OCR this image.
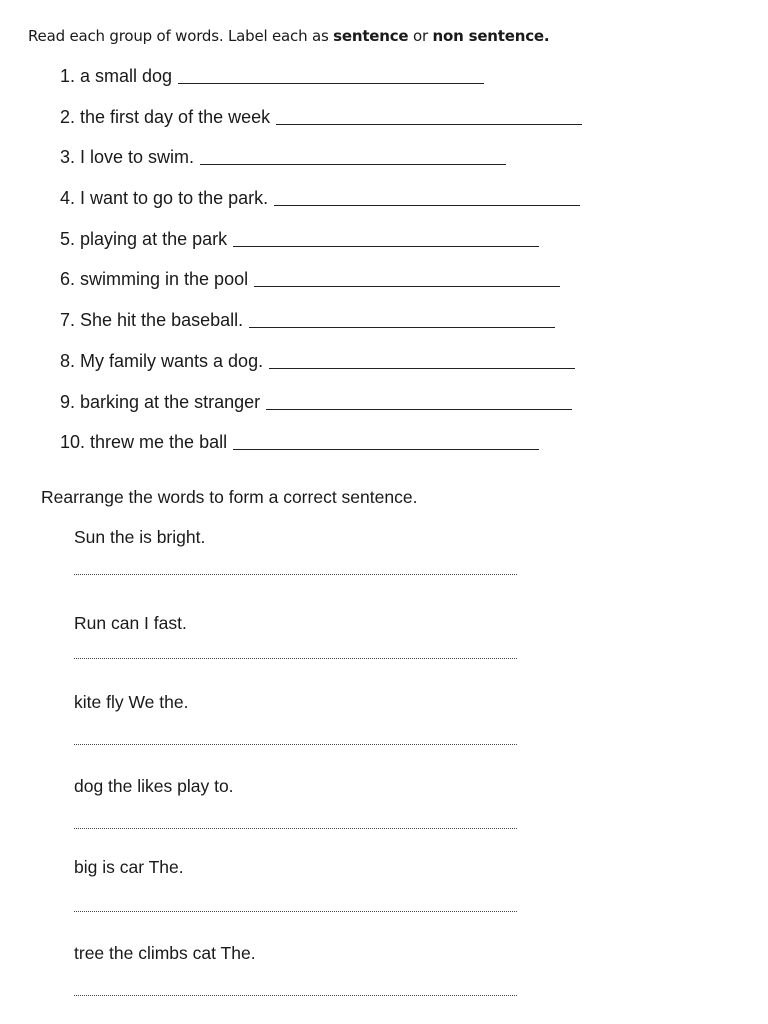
Read each group of words. Label each as sentence or non sentence.
1. a small dog
2. the first day of the week
3. I love to swim.
4. I want to go to the park.
5. playing at the park
6. swimming in the pool
7. She hit the baseball.
8. My family wants a dog.
9. barking at the stranger
10. threw me the ball
Rearrange the words to form a correct sentence.
Sun the is bright.
Run can I fast.
kite fly We the.
dog the likes play to.
big is car The.
tree the climbs cat The.
